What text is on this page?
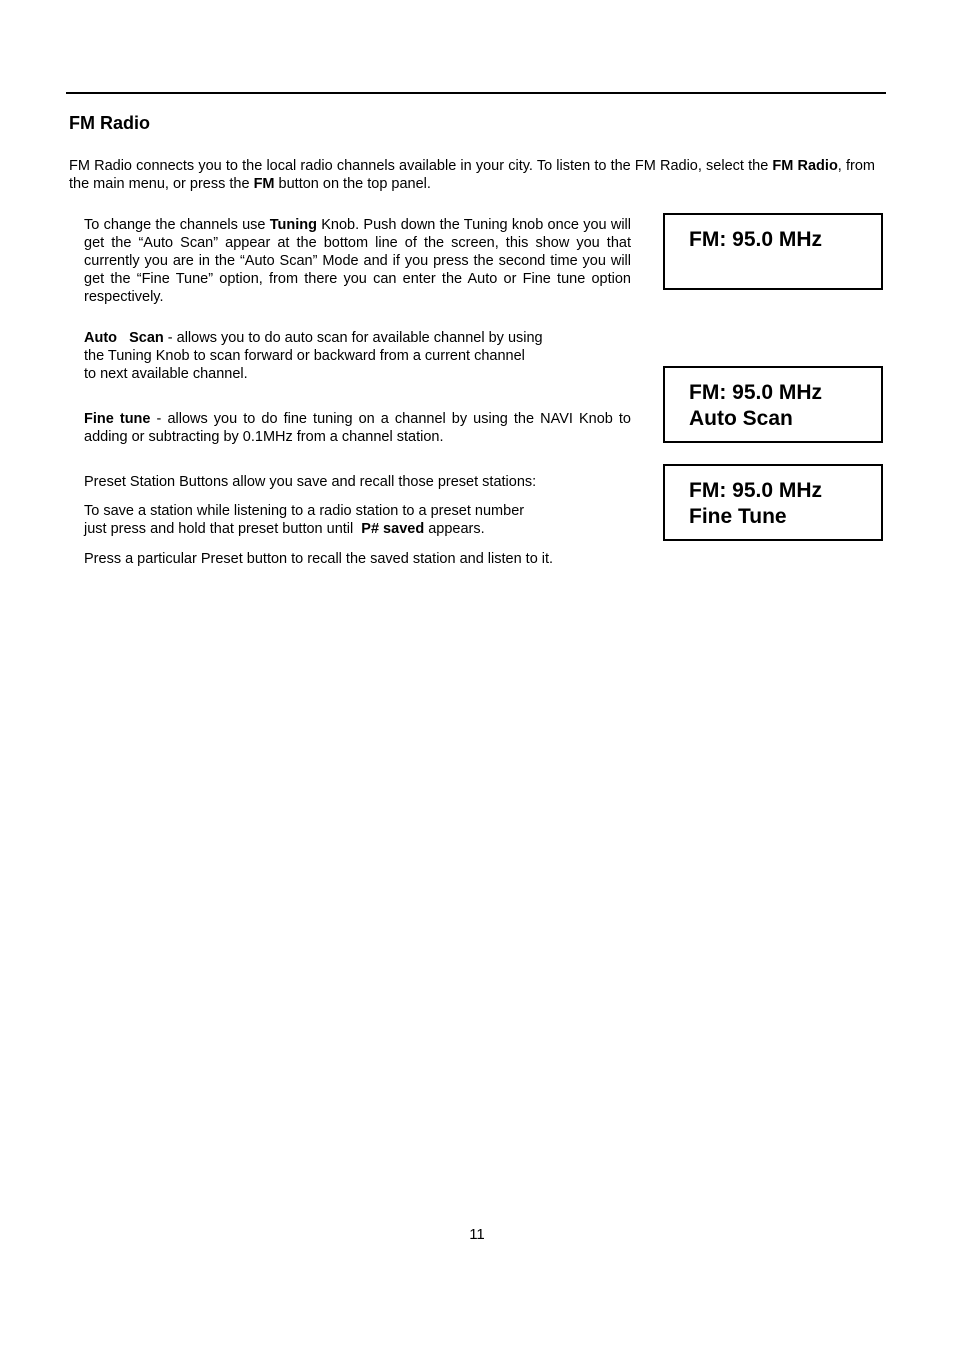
FM Radio

FM Radio connects you to the local radio channels available in your city. To listen to the FM Radio, select the FM Radio, from the main menu, or press the FM button on the top panel.

To change the channels use Tuning Knob. Push down the Tuning knob once you will get the “Auto Scan” appear at the bottom line of the screen, this show you that currently you are in the “Auto Scan” Mode and if you press the second time you will get the “Fine Tune” option, from there you can enter the Auto or Fine tune option respectively.

Auto   Scan - allows you to do auto scan for available channel by using
the Tuning Knob to scan forward or backward from a current channel
to next available channel.

Fine tune - allows you to do fine tuning on a channel by using the NAVI Knob to adding or subtracting by 0.1MHz from a channel station.

Preset Station Buttons allow you save and recall those preset stations:

To save a station while listening to a radio station to a preset number
just press and hold that preset button until  P# saved appears.

Press a particular Preset button to recall the saved station and listen to it.

FM: 95.0 MHz
FM: 95.0 MHz
Auto Scan
FM: 95.0 MHz
Fine Tune
11
